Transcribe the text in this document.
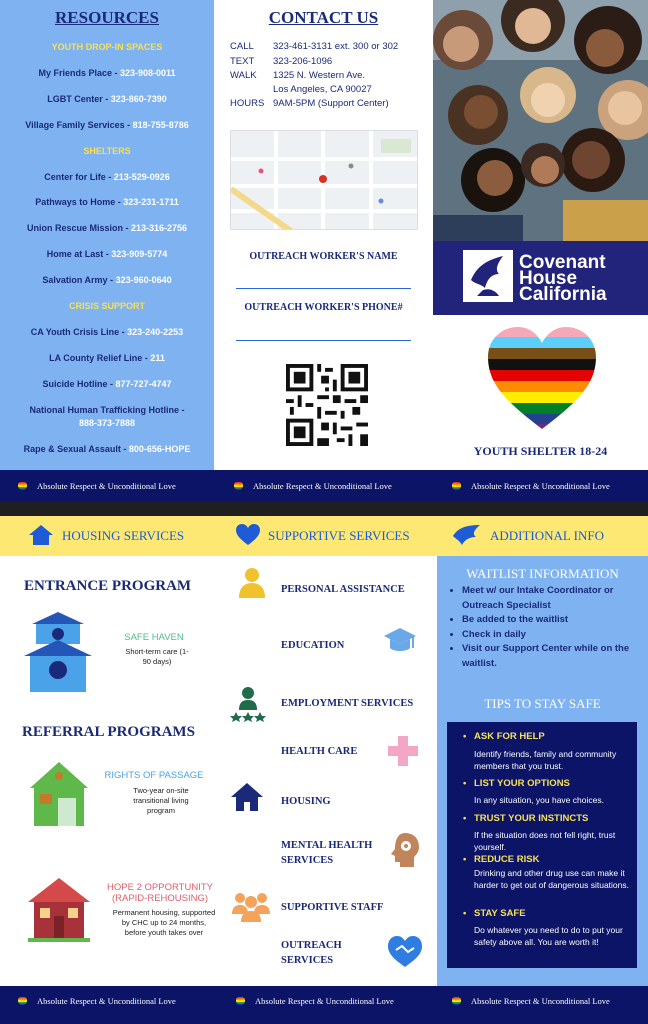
RESOURCES
YOUTH DROP-IN SPACES
My Friends Place - 323-908-0011
LGBT Center - 323-860-7390
Village Family Services - 818-755-8786
SHELTERS
Center for Life - 213-529-0926
Pathways to Home - 323-231-1711
Union Rescue Mission - 213-316-2756
Home at Last - 323-909-5774
Salvation Army - 323-960-0640
CRISIS SUPPORT
CA Youth Crisis Line - 323-240-2253
LA County Relief Line - 211
Suicide Hotline - 877-727-4747
National Human Trafficking Hotline -
888-373-7888
Rape & Sexual Assault - 800-656-HOPE
CONTACT US
CALL 323-461-3131 ext. 300 or 302
TEXT 323-206-1096
WALK 1325 N. Western Ave.
Los Angeles, CA 90027
HOURS 9AM-5PM (Support Center)
OUTREACH WORKER'S NAME
OUTREACH WORKER'S PHONE#
Covenant
House
California
YOUTH SHELTER 18-24
Absolute Respect & Unconditional Love	Absolute Respect & Unconditional Love	Absolute Respect & Unconditional Love
HOUSING SERVICES	SUPPORTIVE SERVICES	ADDITIONAL INFO
ENTRANCE PROGRAM
SAFE HAVEN
Short-term care (1-90 days)
REFERRAL PROGRAMS
RIGHTS OF PASSAGE
Two-year on-site transitional living program
HOPE 2 OPPORTUNITY (RAPID-REHOUSING)
Permanent housing, supported by CHC up to 24 months, before youth takes over
PERSONAL ASSISTANCE
EDUCATION
EMPLOYMENT SERVICES
HEALTH CARE
HOUSING
MENTAL HEALTH SERVICES
SUPPORTIVE STAFF
OUTREACH SERVICES
WAITLIST INFORMATION
• Meet w/ our Intake Coordinator or Outreach Specialist
• Be added to the waitlist
• Check in daily
• Visit our Support Center while on the waitlist.
TIPS TO STAY SAFE
• ASK FOR HELP
Identify friends, family and community members that you trust.
• LIST YOUR OPTIONS
In any situation, you have choices.
• TRUST YOUR INSTINCTS
If the situation does not fell right, trust yourself.
• REDUCE RISK
Drinking and other drug use can make it harder to get out of dangerous situations.
• STAY SAFE
Do whatever you need to do to put your safety above all. You are worth it!
Absolute Respect & Unconditional Love	Absolute Respect & Unconditional Love	Absolute Respect & Unconditional Love
